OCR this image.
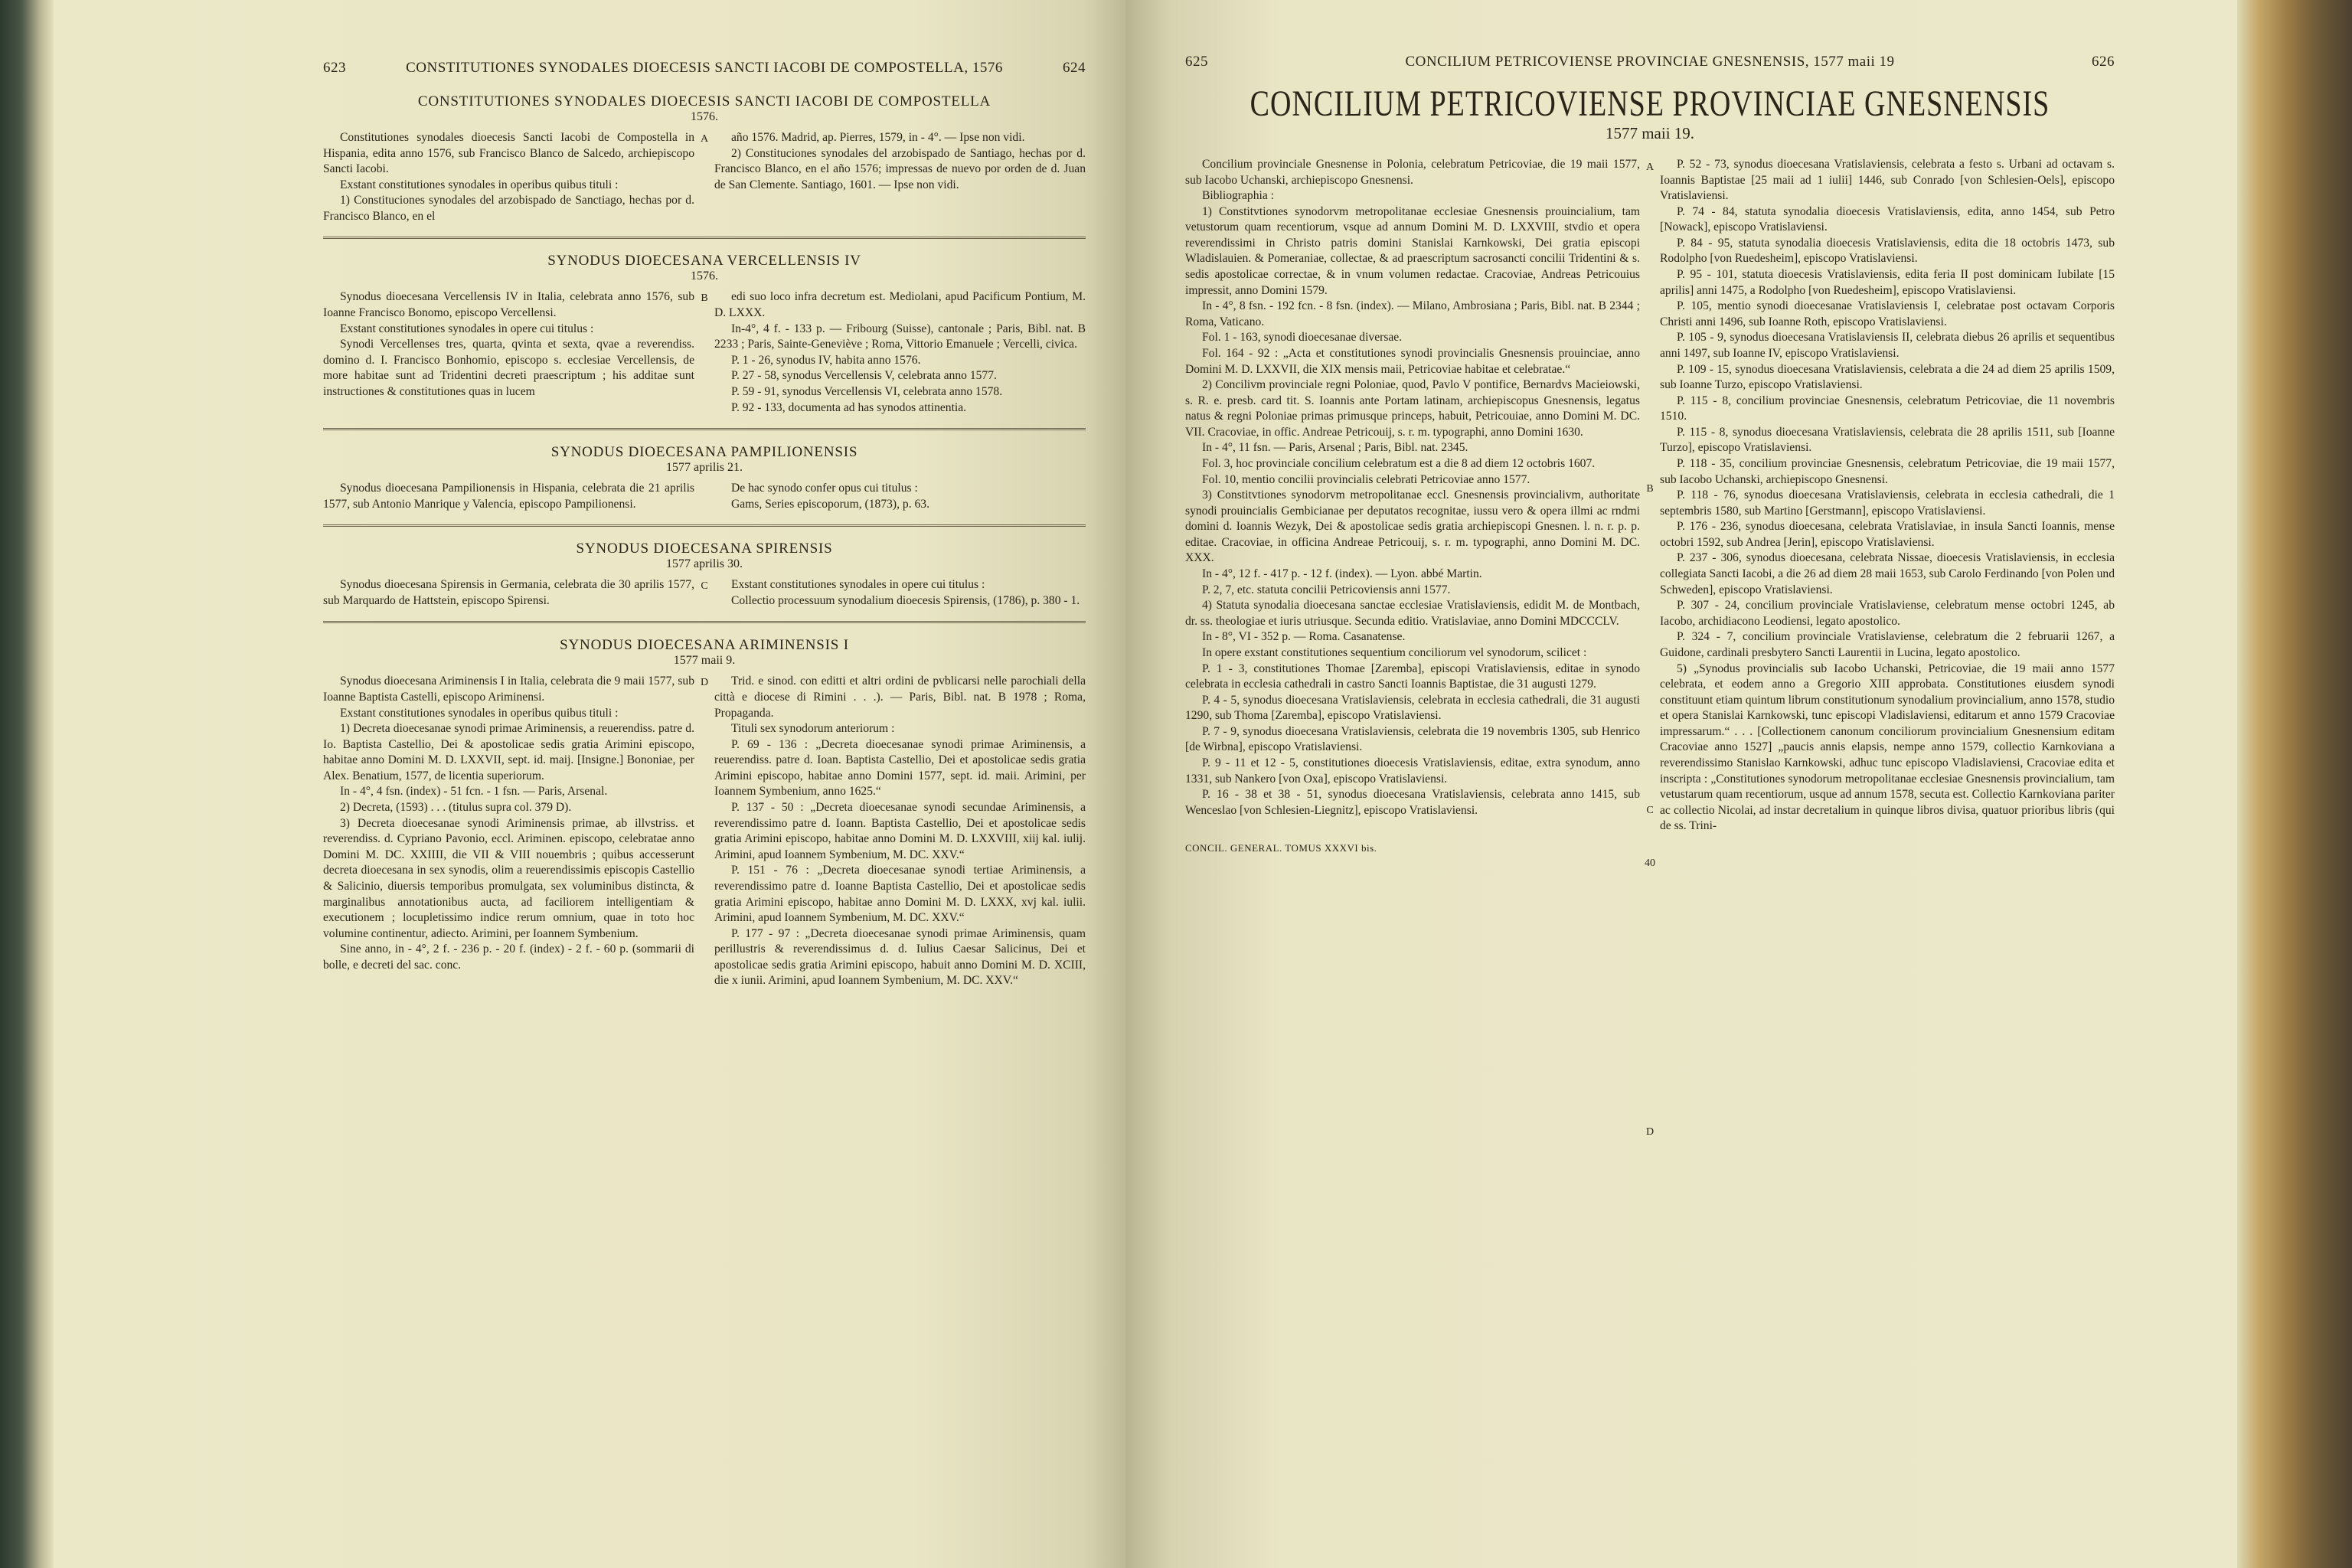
623	CONSTITUTIONES SYNODALES DIOECESIS SANCTI IACOBI DE COMPOSTELLA, 1576	624
CONSTITUTIONES SYNODALES DIOECESIS SANCTI IACOBI DE COMPOSTELLA
1576.

Constitutiones synodales dioecesis Sancti Iacobi de Compostella in Hispania, edita anno 1576, sub Francisco Blanco de Salcedo, archiepiscopo Sancti Iacobi.

Exstant constitutiones synodales in operibus quibus tituli :

1) Constituciones synodales del arzobispado de Sanctiago, hechas por d. Francisco Blanco, en el

año 1576. Madrid, ap. Pierres, 1579, in - 4°. — Ipse non vidi.

2) Constituciones synodales del arzobispado de Santiago, hechas por d. Francisco Blanco, en el año 1576; impressas de nuevo por orden de d. Juan de San Clemente. Santiago, 1601. — Ipse non vidi.

A
SYNODUS DIOECESANA VERCELLENSIS IV
1576.

Synodus dioecesana Vercellensis IV in Italia, celebrata anno 1576, sub Ioanne Francisco Bonomo, episcopo Vercellensi.

Exstant constitutiones synodales in opere cui titulus :

Synodi Vercellenses tres, quarta, qvinta et sexta, qvae a reverendiss. domino d. I. Francisco Bonhomio, episcopo s. ecclesiae Vercellensis, de more habitae sunt ad Tridentini decreti praescriptum ; his additae sunt instructiones & constitutiones quas in lucem

edi suo loco infra decretum est. Mediolani, apud Pacificum Pontium, M. D. LXXX.

In-4°, 4 f. - 133 p. — Fribourg (Suisse), cantonale ; Paris, Bibl. nat. B 2233 ; Paris, Sainte-Geneviève ; Roma, Vittorio Emanuele ; Vercelli, civica.

P. 1 - 26, synodus IV, habita anno 1576.

P. 27 - 58, synodus Vercellensis V, celebrata anno 1577.

P. 59 - 91, synodus Vercellensis VI, celebrata anno 1578.

P. 92 - 133, documenta ad has synodos attinentia.

B
SYNODUS DIOECESANA PAMPILIONENSIS
1577 aprilis 21.

Synodus dioecesana Pampilionensis in Hispania, celebrata die 21 aprilis 1577, sub Antonio Manrique y Valencia, episcopo Pampilionensi.

De hac synodo confer opus cui titulus :

Gams, Series episcoporum, (1873), p. 63.

SYNODUS DIOECESANA SPIRENSIS
1577 aprilis 30.

Synodus dioecesana Spirensis in Germania, celebrata die 30 aprilis 1577, sub Marquardo de Hattstein, episcopo Spirensi.

Exstant constitutiones synodales in opere cui titulus :

Collectio processuum synodalium dioecesis Spirensis, (1786), p. 380 - 1.

C
SYNODUS DIOECESANA ARIMINENSIS I
1577 maii 9.

Synodus dioecesana Ariminensis I in Italia, celebrata die 9 maii 1577, sub Ioanne Baptista Castelli, episcopo Ariminensi.

Exstant constitutiones synodales in operibus quibus tituli :

1) Decreta dioecesanae synodi primae Ariminensis, a reuerendiss. patre d. Io. Baptista Castellio, Dei & apostolicae sedis gratia Arimini episcopo, habitae anno Domini M. D. LXXVII, sept. id. maij. [Insigne.] Bononiae, per Alex. Benatium, 1577, de licentia superiorum.

In - 4°, 4 fsn. (index) - 51 fcn. - 1 fsn. — Paris, Arsenal.

2) Decreta, (1593) . . . (titulus supra col. 379 D).

3) Decreta dioecesanae synodi Ariminensis primae, ab illvstriss. et reverendiss. d. Cypriano Pavonio, eccl. Ariminen. episcopo, celebratae anno Domini M. DC. XXIIII, die VII & VIII nouembris ; quibus accesserunt decreta dioecesana in sex synodis, olim a reuerendissimis episcopis Castellio & Salicinio, diuersis temporibus promulgata, sex voluminibus distincta, & marginalibus annotationibus aucta, ad faciliorem intelligentiam & executionem ; locupletissimo indice rerum omnium, quae in toto hoc volumine continentur, adiecto. Arimini, per Ioannem Symbenium.

Sine anno, in - 4°, 2 f. - 236 p. - 20 f. (index) - 2 f. - 60 p. (sommarii di bolle, e decreti del sac. conc.

Trid. e sinod. con editti et altri ordini de pvblicarsi nelle parochiali della città e diocese di Rimini . . .). — Paris, Bibl. nat. B 1978 ; Roma, Propaganda.

Tituli sex synodorum anteriorum :

P. 69 - 136 : „Decreta dioecesanae synodi primae Ariminensis, a reuerendiss. patre d. Ioan. Baptista Castellio, Dei et apostolicae sedis gratia Arimini episcopo, habitae anno Domini 1577, sept. id. maii. Arimini, per Ioannem Symbenium, anno 1625.“

P. 137 - 50 : „Decreta dioecesanae synodi secundae Ariminensis, a reverendissimo patre d. Ioann. Baptista Castellio, Dei et apostolicae sedis gratia Arimini episcopo, habitae anno Domini M. D. LXXVIII, xiij kal. iulij. Arimini, apud Ioannem Symbenium, M. DC. XXV.“

P. 151 - 76 : „Decreta dioecesanae synodi tertiae Ariminensis, a reverendissimo patre d. Ioanne Baptista Castellio, Dei et apostolicae sedis gratia Arimini episcopo, habitae anno Domini M. D. LXXX, xvj kal. iulii. Arimini, apud Ioannem Symbenium, M. DC. XXV.“

P. 177 - 97 : „Decreta dioecesanae synodi primae Ariminensis, quam perillustris & reverendissimus d. d. Iulius Caesar Salicinus, Dei et apostolicae sedis gratia Arimini episcopo, habuit anno Domini M. D. XCIII, die x iunii. Arimini, apud Ioannem Symbenium, M. DC. XXV.“

D
625	CONCILIUM PETRICOVIENSE PROVINCIAE GNESNENSIS, 1577 maii 19	626
CONCILIUM PETRICOVIENSE PROVINCIAE GNESNENSIS
1577 maii 19.

Concilium provinciale Gnesnense in Polonia, celebratum Petricoviae, die 19 maii 1577, sub Iacobo Uchanski, archiepiscopo Gnesnensi.

Bibliographia :

1) Constitvtiones synodorvm metropolitanae ecclesiae Gnesnensis prouincialium, tam vetustorum quam recentiorum, vsque ad annum Domini M. D. LXXVIII, stvdio et opera reverendissimi in Christo patris domini Stanislai Karnkowski, Dei gratia episcopi Wladislauien. & Pomeraniae, collectae, & ad praescriptum sacrosancti concilii Tridentini & s. sedis apostolicae correctae, & in vnum volumen redactae. Cracoviae, Andreas Petricouius impressit, anno Domini 1579.

In - 4°, 8 fsn. - 192 fcn. - 8 fsn. (index). — Milano, Ambrosiana ; Paris, Bibl. nat. B 2344 ; Roma, Vaticano.

Fol. 1 - 163, synodi dioecesanae diversae.

Fol. 164 - 92 : „Acta et constitutiones synodi provincialis Gnesnensis prouinciae, anno Domini M. D. LXXVII, die XIX mensis maii, Petricoviae habitae et celebratae.“

2) Concilivm provinciale regni Poloniae, quod, Pavlo V pontifice, Bernardvs Macieiowski, s. R. e. presb. card tit. S. Ioannis ante Portam latinam, archiepiscopus Gnesnensis, legatus natus & regni Poloniae primas primusque princeps, habuit, Petricouiae, anno Domini M. DC. VII. Cracoviae, in offic. Andreae Petricouij, s. r. m. typographi, anno Domini 1630.

In - 4°, 11 fsn. — Paris, Arsenal ; Paris, Bibl. nat. 2345.

Fol. 3, hoc provinciale concilium celebratum est a die 8 ad diem 12 octobris 1607.

Fol. 10, mentio concilii provincialis celebrati Petricoviae anno 1577.

3) Constitvtiones synodorvm metropolitanae eccl. Gnesnensis provincialivm, authoritate synodi prouincialis Gembicianae per deputatos recognitae, iussu vero & opera illmi ac rndmi domini d. Ioannis Wezyk, Dei & apostolicae sedis gratia archiepiscopi Gnesnen. l. n. r. p. p. editae. Cracoviae, in officina Andreae Petricouij, s. r. m. typographi, anno Domini M. DC. XXX.

In - 4°, 12 f. - 417 p. - 12 f. (index). — Lyon. abbé Martin.

P. 2, 7, etc. statuta concilii Petricoviensis anni 1577.

4) Statuta synodalia dioecesana sanctae ecclesiae Vratislaviensis, edidit M. de Montbach, dr. ss. theologiae et iuris utriusque. Secunda editio. Vratislaviae, anno Domini MDCCCLV.

In - 8°, VI - 352 p. — Roma. Casanatense.

In opere exstant constitutiones sequentium conciliorum vel synodorum, scilicet :

P. 1 - 3, constitutiones Thomae [Zaremba], episcopi Vratislaviensis, editae in synodo celebrata in ecclesia cathedrali in castro Sancti Ioannis Baptistae, die 31 augusti 1279.

P. 4 - 5, synodus dioecesana Vratislaviensis, celebrata in ecclesia cathedrali, die 31 augusti 1290, sub Thoma [Zaremba], episcopo Vratislaviensi.

P. 7 - 9, synodus dioecesana Vratislaviensis, celebrata die 19 novembris 1305, sub Henrico [de Wirbna], episcopo Vratislaviensi.

P. 9 - 11 et 12 - 5, constitutiones dioecesis Vratislaviensis, editae, extra synodum, anno 1331, sub Nankero [von Oxa], episcopo Vratislaviensi.

P. 16 - 38 et 38 - 51, synodus dioecesana Vratislaviensis, celebrata anno 1415, sub Wenceslao [von Schlesien-Liegnitz], episcopo Vratislaviensi.

P. 52 - 73, synodus dioecesana Vratislaviensis, celebrata a festo s. Urbani ad octavam s. Ioannis Baptistae [25 maii ad 1 iulii] 1446, sub Conrado [von Schlesien-Oels], episcopo Vratislaviensi.

P. 74 - 84, statuta synodalia dioecesis Vratislaviensis, edita, anno 1454, sub Petro [Nowack], episcopo Vratislaviensi.

P. 84 - 95, statuta synodalia dioecesis Vratislaviensis, edita die 18 octobris 1473, sub Rodolpho [von Ruedesheim], episcopo Vratislaviensi.

P. 95 - 101, statuta dioecesis Vratislaviensis, edita feria II post dominicam Iubilate [15 aprilis] anni 1475, a Rodolpho [von Ruedesheim], episcopo Vratislaviensi.

P. 105, mentio synodi dioecesanae Vratislaviensis I, celebratae post octavam Corporis Christi anni 1496, sub Ioanne Roth, episcopo Vratislaviensi.

P. 105 - 9, synodus dioecesana Vratislaviensis II, celebrata diebus 26 aprilis et sequentibus anni 1497, sub Ioanne IV, episcopo Vratislaviensi.

P. 109 - 15, synodus dioecesana Vratislaviensis, celebrata a die 24 ad diem 25 aprilis 1509, sub Ioanne Turzo, episcopo Vratislaviensi.

P. 115 - 8, concilium provinciae Gnesnensis, celebratum Petricoviae, die 11 novembris 1510.

P. 115 - 8, synodus dioecesana Vratislaviensis, celebrata die 28 aprilis 1511, sub [Ioanne Turzo], episcopo Vratislaviensi.

P. 118 - 35, concilium provinciae Gnesnensis, celebratum Petricoviae, die 19 maii 1577, sub Iacobo Uchanski, archiepiscopo Gnesnensi.

P. 118 - 76, synodus dioecesana Vratislaviensis, celebrata in ecclesia cathedrali, die 1 septembris 1580, sub Martino [Gerstmann], episcopo Vratislaviensi.

P. 176 - 236, synodus dioecesana, celebrata Vratislaviae, in insula Sancti Ioannis, mense octobri 1592, sub Andrea [Jerin], episcopo Vratislaviensi.

P. 237 - 306, synodus dioecesana, celebrata Nissae, dioecesis Vratislaviensis, in ecclesia collegiata Sancti Iacobi, a die 26 ad diem 28 maii 1653, sub Carolo Ferdinando [von Polen und Schweden], episcopo Vratislaviensi.

P. 307 - 24, concilium provinciale Vratislaviense, celebratum mense octobri 1245, ab Iacobo, archidiacono Leodiensi, legato apostolico.

P. 324 - 7, concilium provinciale Vratislaviense, celebratum die 2 februarii 1267, a Guidone, cardinali presbytero Sancti Laurentii in Lucina, legato apostolico.

5) „Synodus provincialis sub Iacobo Uchanski, Petricoviae, die 19 maii anno 1577 celebrata, et eodem anno a Gregorio XIII approbata. Constitutiones eiusdem synodi constituunt etiam quintum librum constitutionum synodalium provincialium, anno 1578, studio et opera Stanislai Karnkowski, tunc episcopi Vladislaviensi, editarum et anno 1579 Cracoviae impressarum.“ . . . [Collectionem canonum conciliorum provincialium Gnesnensium editam Cracoviae anno 1527] „paucis annis elapsis, nempe anno 1579, collectio Karnkoviana a reverendissimo Stanislao Karnkowski, adhuc tunc episcopo Vladislaviensi, Cracoviae edita et inscripta : „Constitutiones synodorum metropolitanae ecclesiae Gnesnensis provincialium, tam vetustarum quam recentiorum, usque ad annum 1578, secuta est. Collectio Karnkoviana pariter ac collectio Nicolai, ad instar decretalium in quinque libros divisa, quatuor prioribus libris (qui de ss. Trini-

A
B
C
D
CONCIL. GENERAL. TOMUS XXXVI bis.
40
